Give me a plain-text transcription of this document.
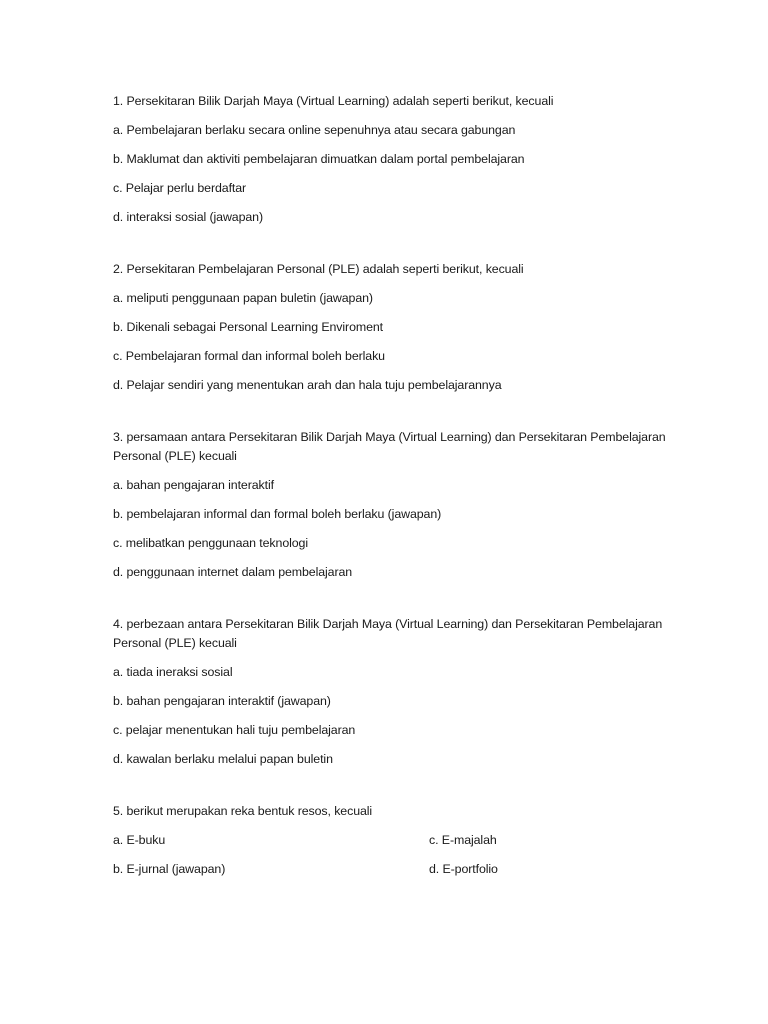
1. Persekitaran Bilik Darjah Maya (Virtual Learning) adalah seperti berikut, kecuali
a. Pembelajaran berlaku secara online sepenuhnya atau secara gabungan
b. Maklumat dan aktiviti pembelajaran dimuatkan dalam portal pembelajaran
c. Pelajar perlu berdaftar
d. interaksi sosial (jawapan)
2. Persekitaran Pembelajaran Personal (PLE) adalah seperti berikut, kecuali
a. meliputi penggunaan papan buletin (jawapan)
b. Dikenali sebagai Personal Learning Enviroment
c. Pembelajaran formal dan informal boleh berlaku
d. Pelajar sendiri yang menentukan arah dan hala tuju pembelajarannya
3. persamaan antara Persekitaran Bilik Darjah Maya (Virtual Learning) dan Persekitaran Pembelajaran Personal (PLE) kecuali
a. bahan pengajaran interaktif
b. pembelajaran informal dan formal boleh berlaku (jawapan)
c. melibatkan penggunaan teknologi
d. penggunaan internet dalam pembelajaran
4. perbezaan antara Persekitaran Bilik Darjah Maya (Virtual Learning) dan Persekitaran Pembelajaran Personal (PLE) kecuali
a. tiada ineraksi sosial
b. bahan pengajaran interaktif (jawapan)
c. pelajar menentukan hali tuju pembelajaran
d. kawalan berlaku melalui papan buletin
5. berikut merupakan reka bentuk resos, kecuali
a. E-buku	c. E-majalah
b. E-jurnal (jawapan)	d. E-portfolio
